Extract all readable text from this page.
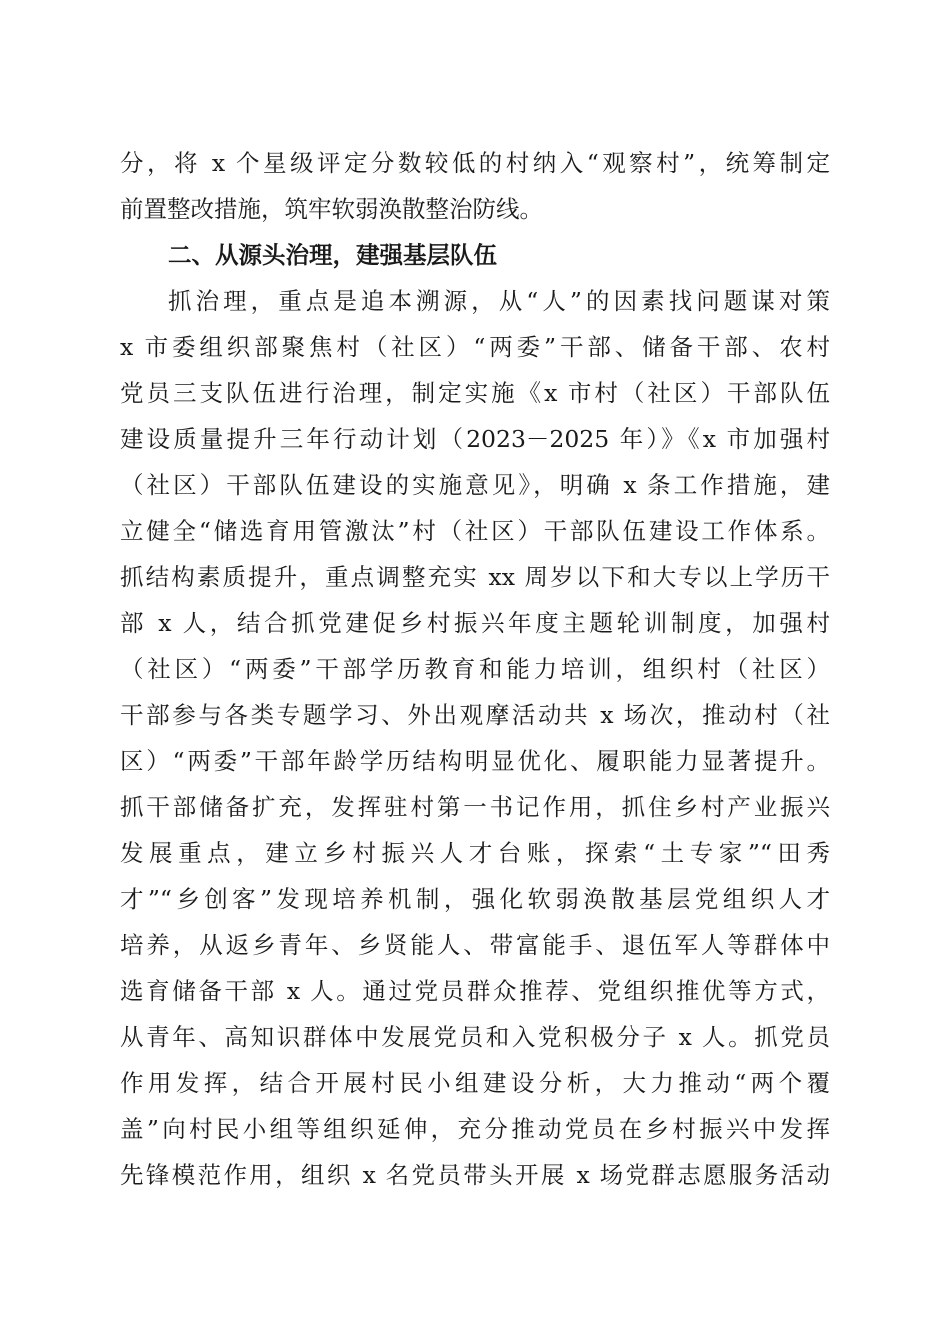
分，将 x 个星级评定分数较低的村纳入“观察村”，统筹制定
前置整改措施，筑牢软弱涣散整治防线。
二、从源头治理，建强基层队伍
抓治理，重点是追本溯源，从“人”的因素找问题谋对策
x 市委组织部聚焦村（社区）“两委”干部、储备干部、农村
党员三支队伍进行治理，制定实施《x 市村（社区）干部队伍
建设质量提升三年行动计划（2023－2025 年）》《x 市加强村
（社区）干部队伍建设的实施意见》，明确 x 条工作措施，建
立健全“储选育用管激汰”村（社区）干部队伍建设工作体系。
抓结构素质提升，重点调整充实 xx 周岁以下和大专以上学历干
部 x 人，结合抓党建促乡村振兴年度主题轮训制度，加强村
（社区）“两委”干部学历教育和能力培训，组织村（社区）
干部参与各类专题学习、外出观摩活动共 x 场次，推动村（社
区）“两委”干部年龄学历结构明显优化、履职能力显著提升。
抓干部储备扩充，发挥驻村第一书记作用，抓住乡村产业振兴
发展重点，建立乡村振兴人才台账，探索“土专家”“田秀
才”“乡创客”发现培养机制，强化软弱涣散基层党组织人才
培养，从返乡青年、乡贤能人、带富能手、退伍军人等群体中
选育储备干部 x 人。通过党员群众推荐、党组织推优等方式，
从青年、高知识群体中发展党员和入党积极分子 x 人。抓党员
作用发挥，结合开展村民小组建设分析，大力推动“两个覆
盖”向村民小组等组织延伸，充分推动党员在乡村振兴中发挥
先锋模范作用，组织 x 名党员带头开展 x 场党群志愿服务活动
